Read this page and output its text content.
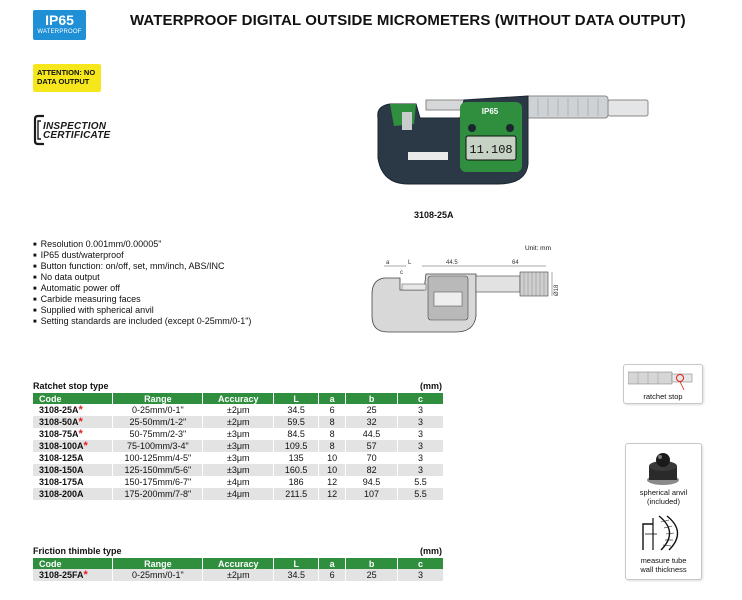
IP65
WATERPROOF
WATERPROOF DIGITAL OUTSIDE MICROMETERS (WITHOUT DATA OUTPUT)
ATTENTION: NO DATA OUTPUT
INSPECTION
CERTIFICATE
IP65
11.108
3108-25A
■ Resolution 0.001mm/0.00005"
■ IP65 dust/waterproof
■ Button function: on/off, set, mm/inch, ABS/INC
■ No data output
■ Automatic power off
■ Carbide measuring faces
■ Supplied with spherical anvil
■ Setting standards are included (except 0-25mm/0-1")
Unit: mm
a	L	44.5	64
c
Ø18
Ratchet stop type	(mm)
Code	Range	Accuracy	L	a	b	c
3108-25A*	0-25mm/0-1"	±2μm	34.5	6	25	3
3108-50A*	25-50mm/1-2"	±2μm	59.5	8	32	3
3108-75A*	50-75mm/2-3"	±3μm	84.5	8	44.5	3
3108-100A*	75-100mm/3-4"	±3μm	109.5	8	57	3
3108-125A	100-125mm/4-5"	±3μm	135	10	70	3
3108-150A	125-150mm/5-6"	±3μm	160.5	10	82	3
3108-175A	150-175mm/6-7"	±4μm	186	12	94.5	5.5
3108-200A	175-200mm/7-8"	±4μm	211.5	12	107	5.5
Friction thimble type	(mm)
Code	Range	Accuracy	L	a	b	c
3108-25FA*	0-25mm/0-1"	±2μm	34.5	6	25	3
ratchet stop
spherical anvil
(included)
measure tube
wall thickness
